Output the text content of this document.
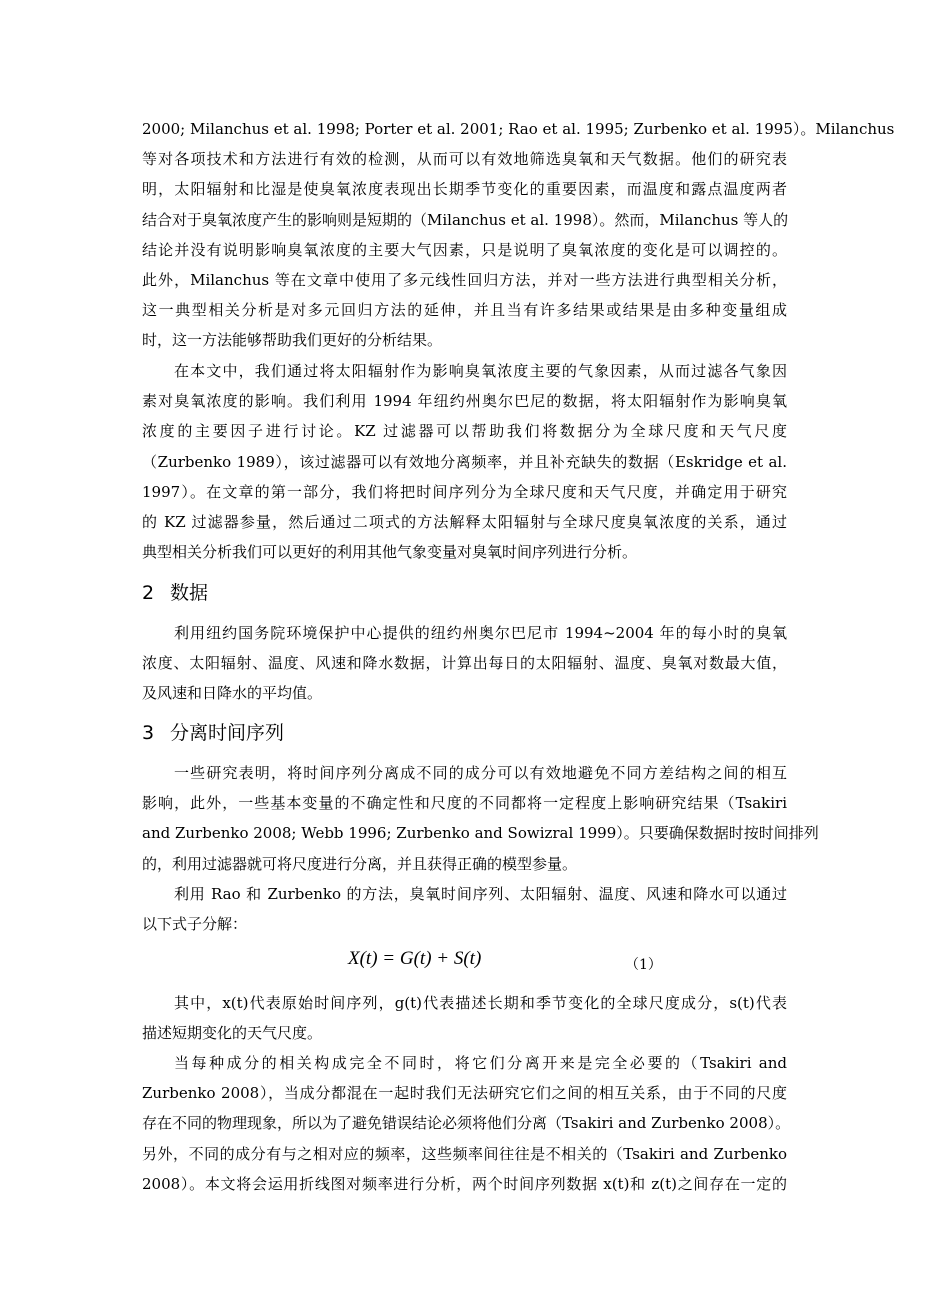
2000; Milanchus et al. 1998; Porter et al. 2001; Rao et al. 1995; Zurbenko et al. 1995）。Milanchus
等对各项技术和方法进行有效的检测，从而可以有效地筛选臭氧和天气数据。他们的研究表
明，太阳辐射和比湿是使臭氧浓度表现出长期季节变化的重要因素，而温度和露点温度两者
结合对于臭氧浓度产生的影响则是短期的（Milanchus et al. 1998）。然而，Milanchus 等人的
结论并没有说明影响臭氧浓度的主要大气因素，只是说明了臭氧浓度的变化是可以调控的。
此外，Milanchus 等在文章中使用了多元线性回归方法，并对一些方法进行典型相关分析，
这一典型相关分析是对多元回归方法的延伸，并且当有许多结果或结果是由多种变量组成
时，这一方法能够帮助我们更好的分析结果。
在本文中，我们通过将太阳辐射作为影响臭氧浓度主要的气象因素，从而过滤各气象因
素对臭氧浓度的影响。我们利用 1994 年纽约州奥尔巴尼的数据，将太阳辐射作为影响臭氧
浓度的主要因子进行讨论。KZ 过滤器可以帮助我们将数据分为全球尺度和天气尺度
（Zurbenko 1989），该过滤器可以有效地分离频率，并且补充缺失的数据（Eskridge et al.
1997）。在文章的第一部分，我们将把时间序列分为全球尺度和天气尺度，并确定用于研究
的 KZ 过滤器参量，然后通过二项式的方法解释太阳辐射与全球尺度臭氧浓度的关系，通过
典型相关分析我们可以更好的利用其他气象变量对臭氧时间序列进行分析。
2 数据
利用纽约国务院环境保护中心提供的纽约州奥尔巴尼市 1994~2004 年的每小时的臭氧
浓度、太阳辐射、温度、风速和降水数据，计算出每日的太阳辐射、温度、臭氧对数最大值，
及风速和日降水的平均值。
3 分离时间序列
一些研究表明，将时间序列分离成不同的成分可以有效地避免不同方差结构之间的相互
影响，此外，一些基本变量的不确定性和尺度的不同都将一定程度上影响研究结果（Tsakiri
and Zurbenko 2008; Webb 1996; Zurbenko and Sowizral 1999）。只要确保数据时按时间排列
的，利用过滤器就可将尺度进行分离，并且获得正确的模型参量。
利用 Rao 和 Zurbenko 的方法，臭氧时间序列、太阳辐射、温度、风速和降水可以通过
以下式子分解：
X(t) = G(t) + S(t)	（1）
其中，x(t)代表原始时间序列，g(t)代表描述长期和季节变化的全球尺度成分，s(t)代表
描述短期变化的天气尺度。
当每种成分的相关构成完全不同时，将它们分离开来是完全必要的（Tsakiri and
Zurbenko 2008），当成分都混在一起时我们无法研究它们之间的相互关系，由于不同的尺度
存在不同的物理现象，所以为了避免错误结论必须将他们分离（Tsakiri and Zurbenko 2008）。
另外，不同的成分有与之相对应的频率，这些频率间往往是不相关的（Tsakiri and Zurbenko
2008）。本文将会运用折线图对频率进行分析，两个时间序列数据 x(t)和 z(t)之间存在一定的
